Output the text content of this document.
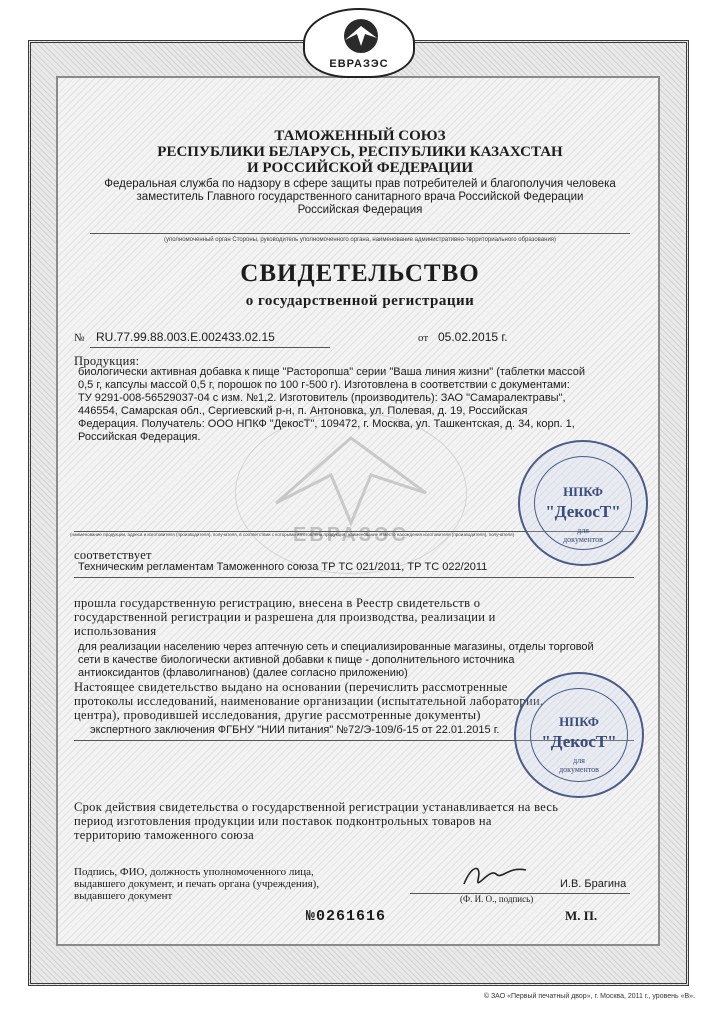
ЕВРАЗЭС
ЕВРАЗЭС
ТАМОЖЕННЫЙ СОЮЗ
РЕСПУБЛИКИ БЕЛАРУСЬ, РЕСПУБЛИКИ КАЗАХСТАН
И РОССИЙСКОЙ ФЕДЕРАЦИИ
Федеральная служба по надзору в сфере защиты прав потребителей и благополучия человека
заместитель Главного государственного санитарного врача Российской Федерации
Российская Федерация
(уполномоченный орган Стороны, руководитель уполномоченного органа, наименование административно-территориального образования)
СВИДЕТЕЛЬСТВО
о государственной регистрации
№ RU.77.99.88.003.E.002433.02.15	от 05.02.2015 г.
Продукция:
биологически активная добавка к пище "Расторопша" серии "Ваша линия жизни" (таблетки массой
0,5 г, капсулы массой 0,5 г, порошок по 100 г-500 г). Изготовлена в соответствии с документами:
ТУ 9291-008-56529037-04 с изм. №1,2. Изготовитель (производитель): ЗАО "Самаралектравы",
446554, Самарская обл., Сергиевский р-н, п. Антоновка, ул. Полевая, д. 19, Российская
Федерация. Получатель: ООО НПКФ "ДекосТ", 109472, г. Москва, ул. Ташкентская, д. 34, корп. 1,
Российская Федерация.
(наименование продукции, адреса и изготовителя (производителя), получателя, в соответствии с которыми изготовлена продукция, наименование и место нахождения изготовителя (производителя), получателя)
соответствует
Техническим регламентам Таможенного союза ТР ТС 021/2011, ТР ТС 022/2011
прошла государственную регистрацию, внесена в Реестр свидетельств о
государственной регистрации и разрешена для производства, реализации и
использования
для реализации населению через аптечную сеть и специализированные магазины, отделы торговой
сети в качестве биологически активной добавки к пище - дополнительного источника
антиоксидантов (флаволигнанов) (далее согласно приложению)
Настоящее свидетельство выдано на основании (перечислить рассмотренные
протоколы исследований, наименование организации (испытательной лаборатории,
центра), проводившей исследования, другие рассмотренные документы)
экспертного заключения ФГБНУ "НИИ питания" №72/Э-109/б-15 от 22.01.2015 г.
Срок действия свидетельства о государственной регистрации устанавливается на весь
период изготовления продукции или поставок подконтрольных товаров на
территорию таможенного союза
Подпись, ФИО, должность уполномоченного лица,
выдавшего документ, и печать органа (учреждения),
выдавшего документ
И.В. Брагина
(Ф. И. О., подпись)
М. П.
№0261616
НПКФ
"ДекосТ"
для
документов
НПКФ
"ДекосТ"
для
документов
© ЗАО «Первый печатный двор», г. Москва, 2011 г., уровень «В».
